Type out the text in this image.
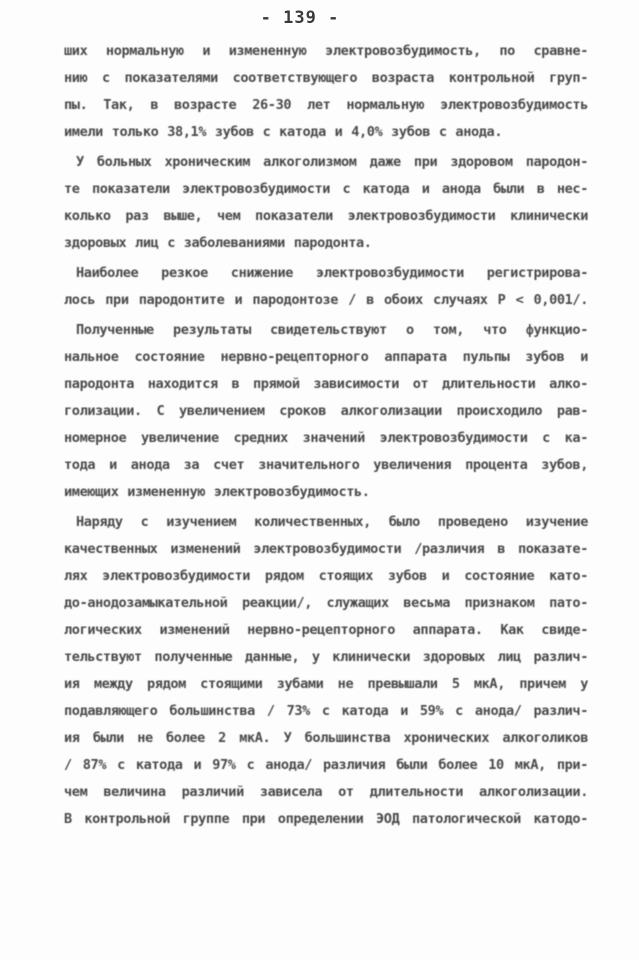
- 139 -
ших нормальную и измененную электровозбудимость, по сравне-
нию с показателями соответствующего возраста контрольной груп-
пы. Так, в возрасте 26-30 лет нормальную электровозбудимость
имели только 38,1% зубов с катода и 4,0% зубов с анода.
У больных хроническим алкоголизмом даже при здоровом пародон-
те показатели электровозбудимости с катода и анода были в нес-
колько раз выше, чем показатели электровозбудимости клинически
здоровых лиц с заболеваниями пародонта.
Наиболее резкое снижение электровозбудимости регистрирова-
лось при пародонтите и пародонтозе / в обоих случаях P < 0,001/.
Полученные результаты свидетельствуют о том, что функцио-
нальное состояние нервно-рецепторного аппарата пульпы зубов и
пародонта находится в прямой зависимости от длительности алко-
голизации. С увеличением сроков алкоголизации происходило рав-
номерное увеличение средних значений электровозбудимости с ка-
тода и анода за счет значительного увеличения процента зубов,
имеющих измененную электровозбудимость.
Наряду с изучением количественных, было проведено изучение
качественных изменений электровозбудимости /различия в показате-
лях электровозбудимости рядом стоящих зубов и состояние като-
до-анодозамыкательной реакции/, служащих весьма признаком пато-
логических изменений нервно-рецепторного аппарата. Как свиде-
тельствуют полученные данные, у клинически здоровых лиц различ-
ия между рядом стоящими зубами не превышали 5 мкА, причем у
подавляющего большинства / 73% с катода и 59% с анода/ различ-
ия были не более 2 мкА. У большинства хронических алкоголиков
/ 87% с катода и 97% с анода/ различия были более 10 мкА, при-
чем величина различий зависела от длительности алкоголизации.
В контрольной группе при определении ЭОД патологической катодо-
